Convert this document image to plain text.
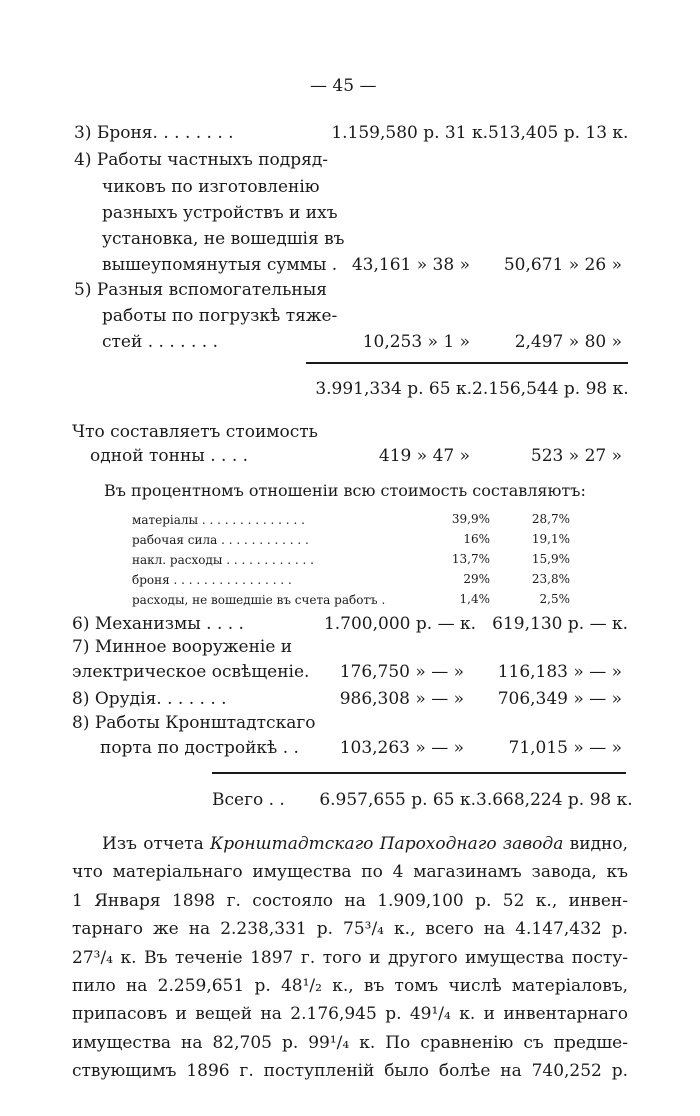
— 45 —
3) Броня. . . . . . . .	1.159,580 р. 31 к. 513,405 р. 13 к.
4) Работы частныхъ подряд-
чиковъ по изготовленію
разныхъ устройствъ и ихъ
установка, не вошедшія въ
вышеупомянутыя суммы . 43,161 » 38 »	50,671 » 26 »
5) Разныя вспомогательныя
работы по погрузкѣ тяже-
стей . . . . . . .	10,253 » 1 »	2,497 » 80 »
3.991,334 р. 65 к. 2.156,544 р. 98 к.
Что составляетъ стоимость
одной тонны . . . .	419 » 47 »	523 » 27 »
Въ процентномъ отношеніи всю стоимость составляютъ:
матеріалы . . . . . . . . . . . . . .	39,9%	28,7%
рабочая сила . . . . . . . . . . . .	16%	19,1%
накл. расходы . . . . . . . . . . . .	13,7%	15,9%
броня . . . . . . . . . . . . . . . .	29%	23,8%
расходы, не вошедшіе въ счета работъ .	1,4%	2,5%
6) Механизмы . . . .	1.700,000 р. — к. 619,130 р. — к.
7) Минное вооруженіе и
электрическое освѣщеніе.	176,750 » — »	116,183 » — »
8) Орудія. . . . . . .	986,308 » — »	706,349 » — »
8) Работы Кронштадтскаго
порта по достройкѣ . .	103,263 » — »	71,015 » — »
Всего . .	6.957,655 р. 65 к. 3.668,224 р. 98 к.
Изъ отчета Кронштадтскаго Пароходнаго завода видно,
что матеріальнаго имущества по 4 магазинамъ завода, къ
1 Января 1898 г. состояло на 1.909,100 р. 52 к., инвен-
тарнаго же на 2.238,331 р. 75³/₄ к., всего на 4.147,432 р.
27³/₄ к. Въ теченіе 1897 г. того и другого имущества посту-
пило на 2.259,651 р. 48¹/₂ к., въ томъ числѣ матеріаловъ,
припасовъ и вещей на 2.176,945 р. 49¹/₄ к. и инвентарнаго
имущества на 82,705 р. 99¹/₄ к. По сравненію съ предше-
ствующимъ 1896 г. поступленій было болѣе на 740,252 р.
